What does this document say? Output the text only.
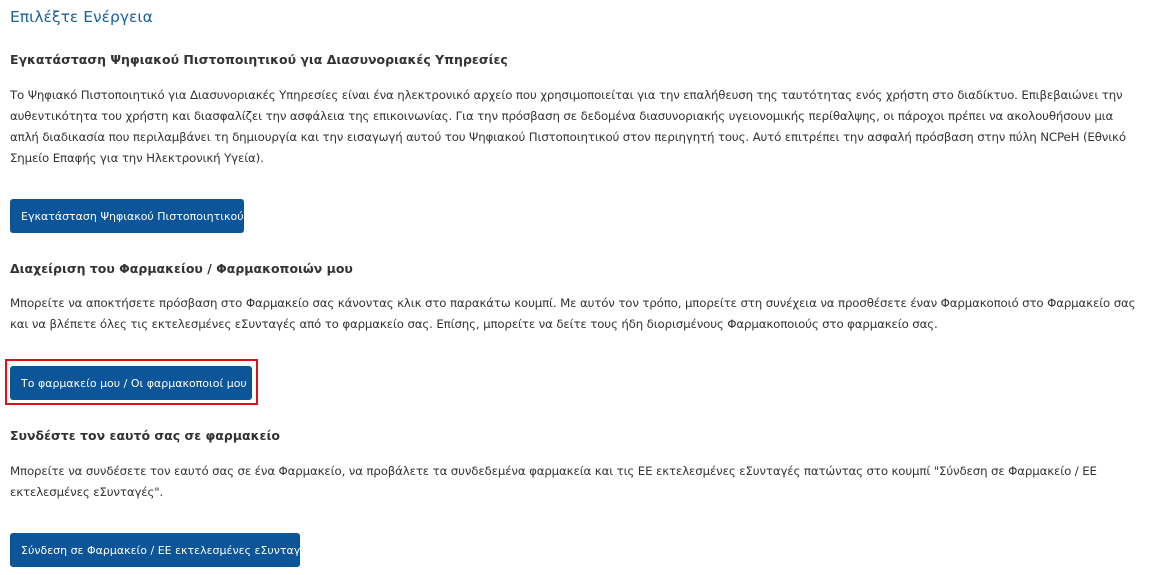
Επιλέξτε Ενέργεια
Εγκατάσταση Ψηφιακού Πιστοποιητικού για Διασυνοριακές Υπηρεσίες

Το Ψηφιακό Πιστοποιητικό για Διασυνοριακές Υπηρεσίες είναι ένα ηλεκτρονικό αρχείο που χρησιμοποιείται για την επαλήθευση της ταυτότητας ενός χρήστη στο διαδίκτυο. Επιβεβαιώνει την αυθεντικότητα του χρήστη και διασφαλίζει την ασφάλεια της επικοινωνίας. Για την πρόσβαση σε δεδομένα διασυνοριακής υγειονομικής περίθαλψης, οι πάροχοι πρέπει να ακολουθήσουν μια απλή διαδικασία που περιλαμβάνει τη δημιουργία και την εισαγωγή αυτού του Ψηφιακού Πιστοποιητικού στον περιηγητή τους. Αυτό επιτρέπει την ασφαλή πρόσβαση στην πύλη NCPeH (Εθνικό Σημείο Επαφής για την Ηλεκτρονική Υγεία).

Εγκατάσταση Ψηφιακού Πιστοποιητικού
Διαχείριση του Φαρμακείου / Φαρμακοποιών μου

Μπορείτε να αποκτήσετε πρόσβαση στο Φαρμακείο σας κάνοντας κλικ στο παρακάτω κουμπί. Με αυτόν τον τρόπο, μπορείτε στη συνέχεια να προσθέσετε έναν Φαρμακοποιό στο Φαρμακείο σας και να βλέπετε όλες τις εκτελεσμένες εΣυνταγές από το φαρμακείο σας. Επίσης, μπορείτε να δείτε τους ήδη διορισμένους Φαρμακοποιούς στο φαρμακείο σας.

Το φαρμακείο μου / Οι φαρμακοποιοί μου
Συνδέστε τον εαυτό σας σε φαρμακείο

Μπορείτε να συνδέσετε τον εαυτό σας σε ένα Φαρμακείο, να προβάλετε τα συνδεδεμένα φαρμακεία και τις ΕΕ εκτελεσμένες εΣυνταγές πατώντας στο κουμπί "Σύνδεση σε Φαρμακείο / ΕΕ εκτελεσμένες εΣυνταγές".

Σύνδεση σε Φαρμακείο / ΕΕ εκτελεσμένες εΣυνταγές
